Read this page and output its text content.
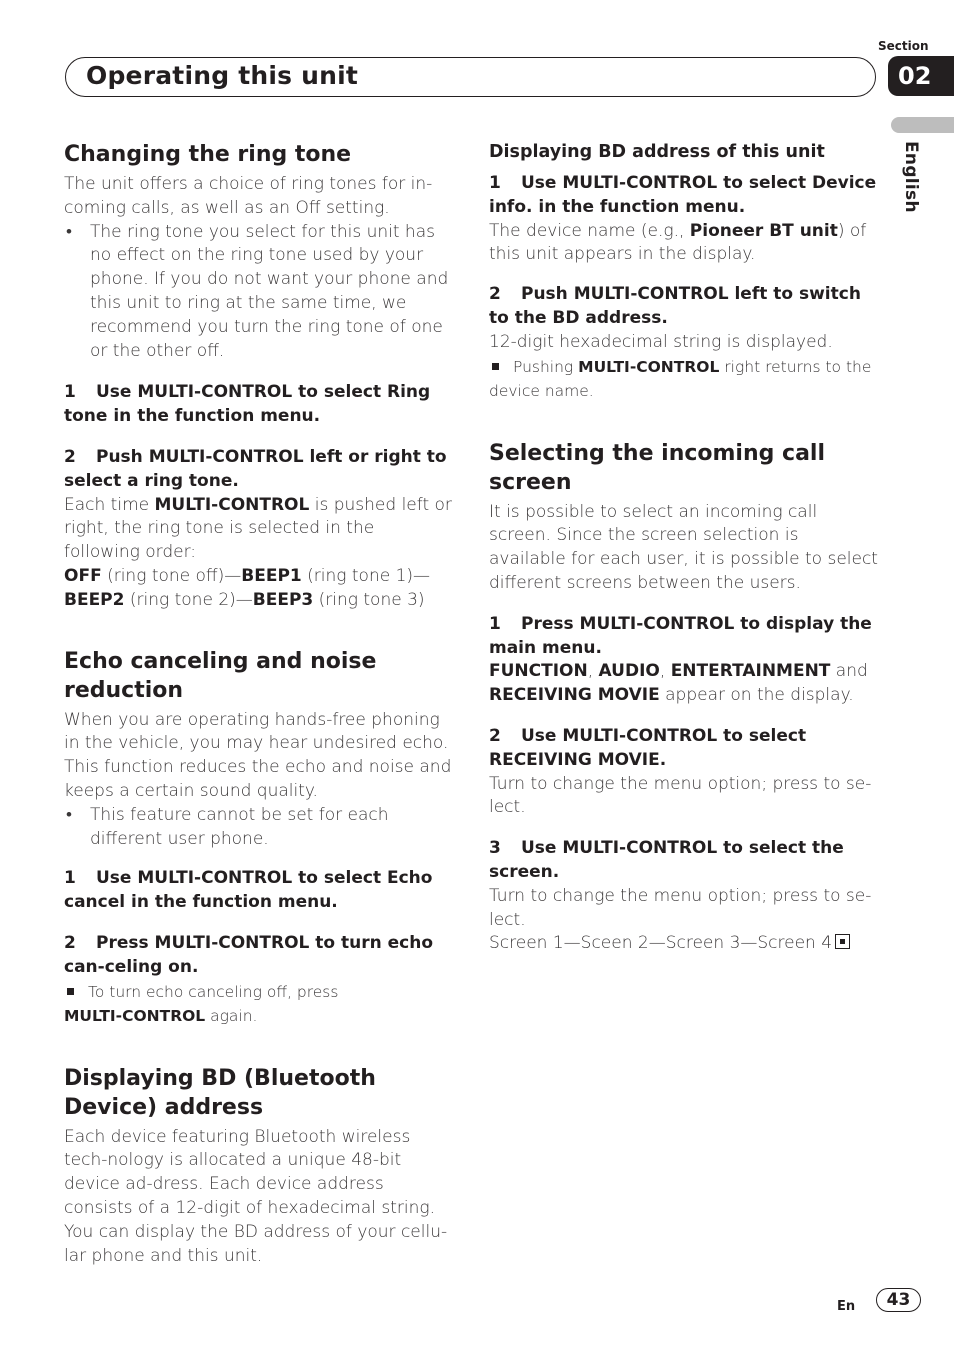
Section
02
Operating this unit
English
Changing the ring tone

The unit offers a choice of ring tones for in-coming calls, as well as an Off setting.

• The ring tone you select for this unit has no effect on the ring tone used by your phone. If you do not want your phone and this unit to ring at the same time, we recommend you turn the ring tone of one or the other off.
1 Use MULTI-CONTROL to select Ring tone in the function menu.
2 Push MULTI-CONTROL left or right to select a ring tone.

Each time MULTI-CONTROL is pushed left or right, the ring tone is selected in the following order:

OFF (ring tone off)—BEEP1 (ring tone 1)—BEEP2 (ring tone 2)—BEEP3 (ring tone 3)

Echo canceling and noise reduction

When you are operating hands-free phoning in the vehicle, you may hear undesired echo. This function reduces the echo and noise and keeps a certain sound quality.

• This feature cannot be set for each different user phone.
1 Use MULTI-CONTROL to select Echo cancel in the function menu.
2 Press MULTI-CONTROL to turn echo can-celing on.
To turn echo canceling off, press
MULTI-CONTROL again.
Displaying BD (Bluetooth Device) address

Each device featuring Bluetooth wireless tech-nology is allocated a unique 48-bit device ad-dress. Each device address consists of a 12-digit of hexadecimal string.

You can display the BD address of your cellu-lar phone and this unit.

Displaying BD address of this unit
1 Use MULTI-CONTROL to select Device info. in the function menu.

The device name (e.g., Pioneer BT unit) of this unit appears in the display.

2 Push MULTI-CONTROL left to switch to the BD address.

12-digit hexadecimal string is displayed.

Pushing MULTI-CONTROL right returns to the device name.
Selecting the incoming call screen

It is possible to select an incoming call screen. Since the screen selection is available for each user, it is possible to select different screens between the users.

1 Press MULTI-CONTROL to display the main menu.

FUNCTION, AUDIO, ENTERTAINMENT and RECEIVING MOVIE appear on the display.

2 Use MULTI-CONTROL to select RECEIVING MOVIE.

Turn to change the menu option; press to se-lect.

3 Use MULTI-CONTROL to select the screen.

Turn to change the menu option; press to se-lect.

Screen 1—Sceen 2—Screen 3—Screen 4

En	43
